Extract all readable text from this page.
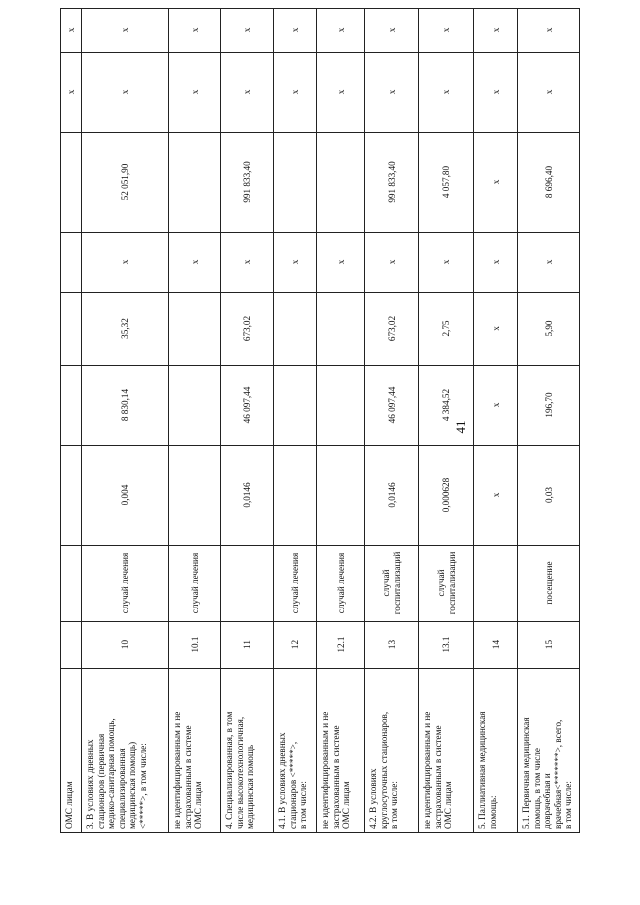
41
ОМС лицам
х
х
3. В условиях дневных
стационаров (первичная
медико-санитарная помощь,
специализированная
медицинская помощь)
<*****>, в том числе:
10
случай лечения
0,004
8 830,14
35,32
х
52 051,90
х
х
не идентифицированным и не
застрахованным в системе
ОМС лицам
10.1
случай лечения
х
х
х
4. Специализированная, в том
числе высокотехнологичная,
медицинская помощь
11
0,0146
46 097,44
673,02
х
991 833,40
х
х
4.1. В условиях дневных
стационаров <*****>,
в том числе:
12
случай лечения
х
х
х
не идентифицированным и не
застрахованным в системе
ОМС лицам
12.1
случай лечения
х
х
х
4.2. В условиях
круглосуточных стационаров,
в том числе:
13
случай
госпитализаций
0,0146
46 097,44
673,02
х
991 833,40
х
х
не идентифицированным и не
застрахованным в системе
ОМС лицам
13.1
случай
госпитализации
0,000628
4 384,52
2,75
х
4 057,80
х
х
5. Паллиативная медицинская
помощь:
14
х
х
х
х
х
х
х
5.1. Первичная медицинская
помощь, в том числе
доврачебная и
врачебная<*******>, всего,
в том числе:
15
посещение
0,03
196,70
5,90
х
8 696,40
х
х
